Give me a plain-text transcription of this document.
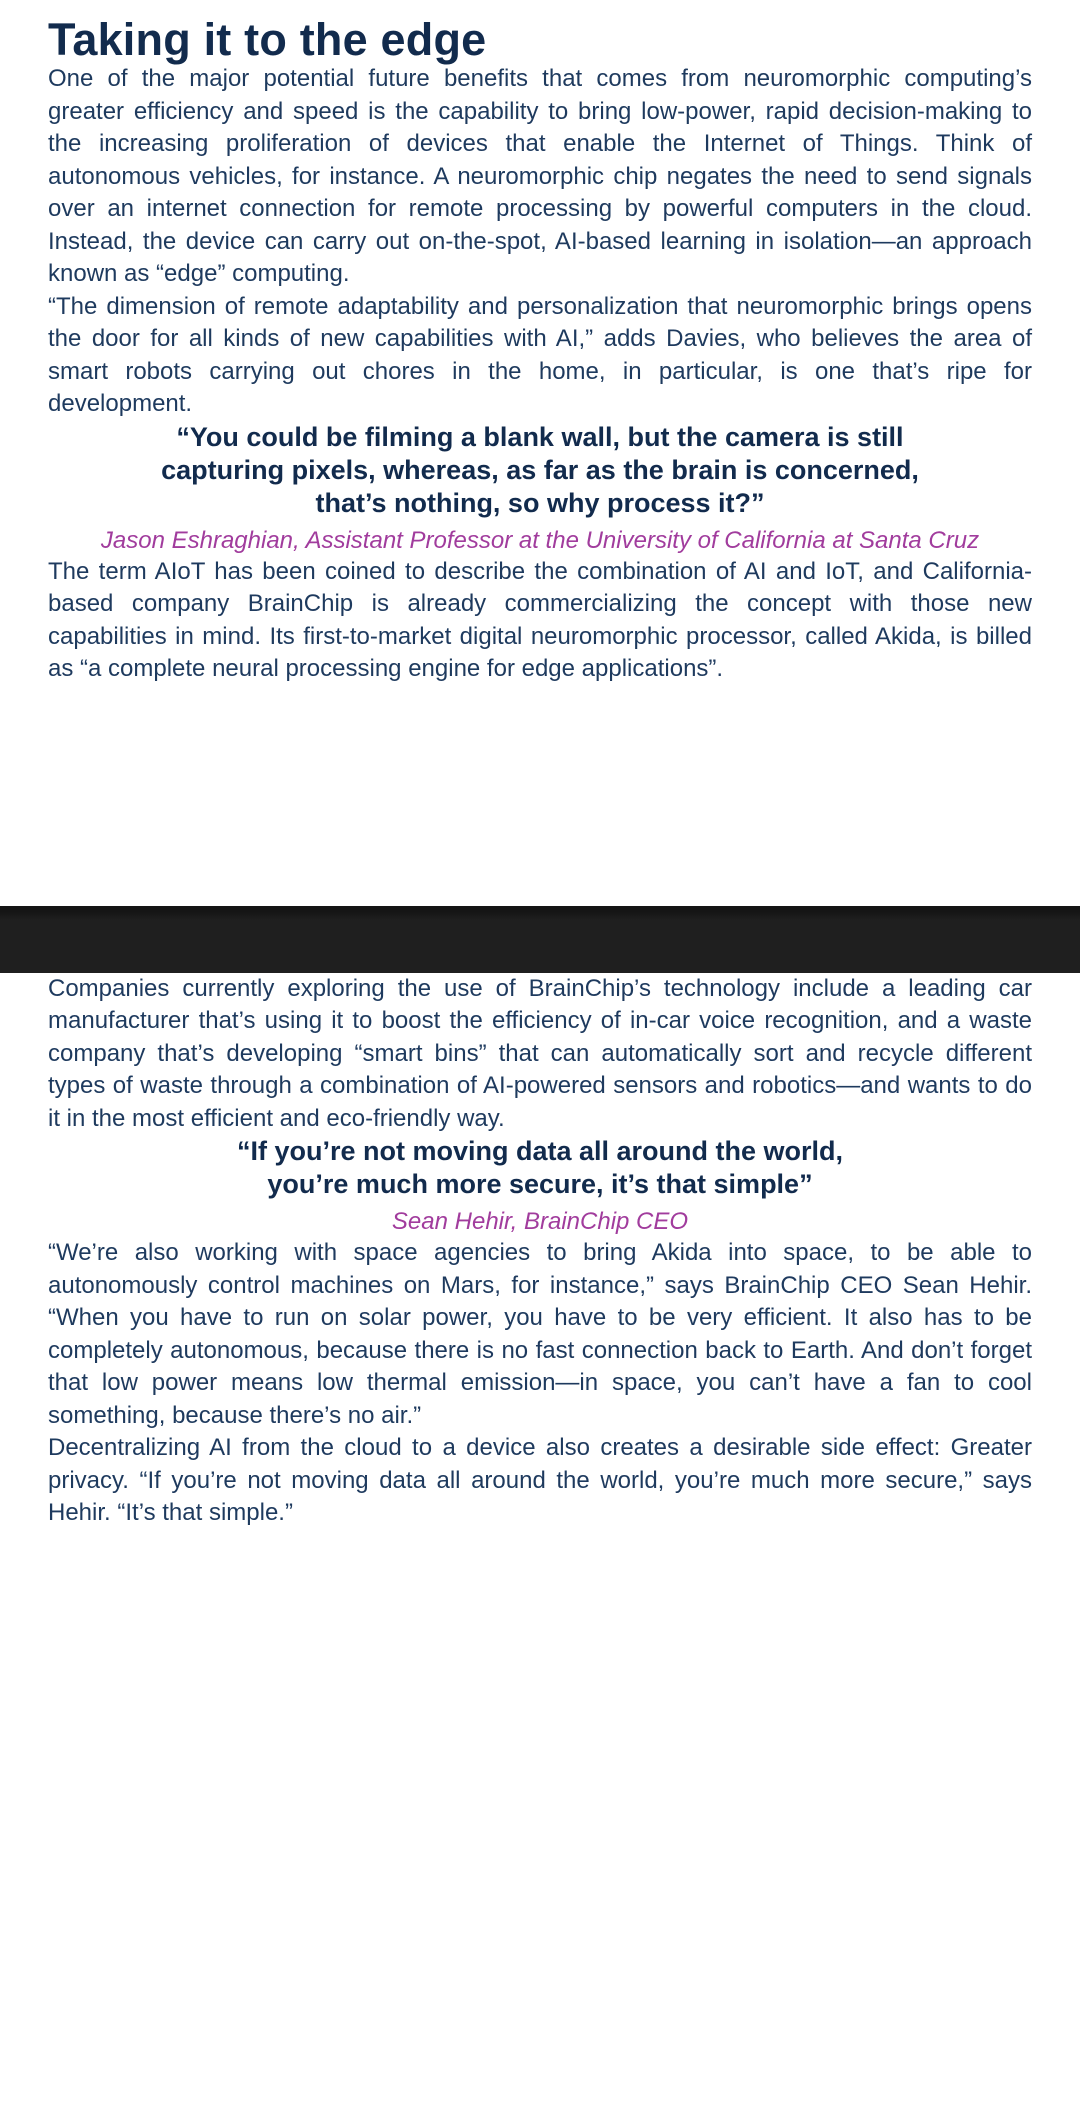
Taking it to the edge

One of the major potential future benefits that comes from neuromorphic computing’s greater efficiency and speed is the capability to bring low-power, rapid decision-making to the increasing proliferation of devices that enable the Internet of Things. Think of autonomous vehicles, for instance. A neuromorphic chip negates the need to send signals over an internet connection for remote processing by powerful computers in the cloud. Instead, the device can carry out on-the-spot, AI-based learning in isolation—an approach known as “edge” computing.

“The dimension of remote adaptability and personalization that neuromorphic brings opens the door for all kinds of new capabilities with AI,” adds Davies, who believes the area of smart robots carrying out chores in the home, in particular, is one that’s ripe for development.

“You could be filming a blank wall, but the camera is still
capturing pixels, whereas, as far as the brain is concerned,
that’s nothing, so why process it?”
Jason Eshraghian, Assistant Professor at the University of California at Santa Cruz

The term AIoT has been coined to describe the combination of AI and IoT, and California-based company BrainChip is already commercializing the concept with those new capabilities in mind. Its first-to-market digital neuromorphic processor, called Akida, is billed as “a complete neural processing engine for edge applications”.

Companies currently exploring the use of BrainChip’s technology include a leading car manufacturer that’s using it to boost the efficiency of in-car voice recognition, and a waste company that’s developing “smart bins” that can automatically sort and recycle different types of waste through a combination of AI-powered sensors and robotics—and wants to do it in the most efficient and eco-friendly way.

“If you’re not moving data all around the world,
you’re much more secure, it’s that simple”
Sean Hehir, BrainChip CEO

“We’re also working with space agencies to bring Akida into space, to be able to autonomously control machines on Mars, for instance,” says BrainChip CEO Sean Hehir. “When you have to run on solar power, you have to be very efficient. It also has to be completely autonomous, because there is no fast connection back to Earth. And don’t forget that low power means low thermal emission—in space, you can’t have a fan to cool something, because there’s no air.”

Decentralizing AI from the cloud to a device also creates a desirable side effect: Greater privacy. “If you’re not moving data all around the world, you’re much more secure,” says Hehir. “It’s that simple.”
